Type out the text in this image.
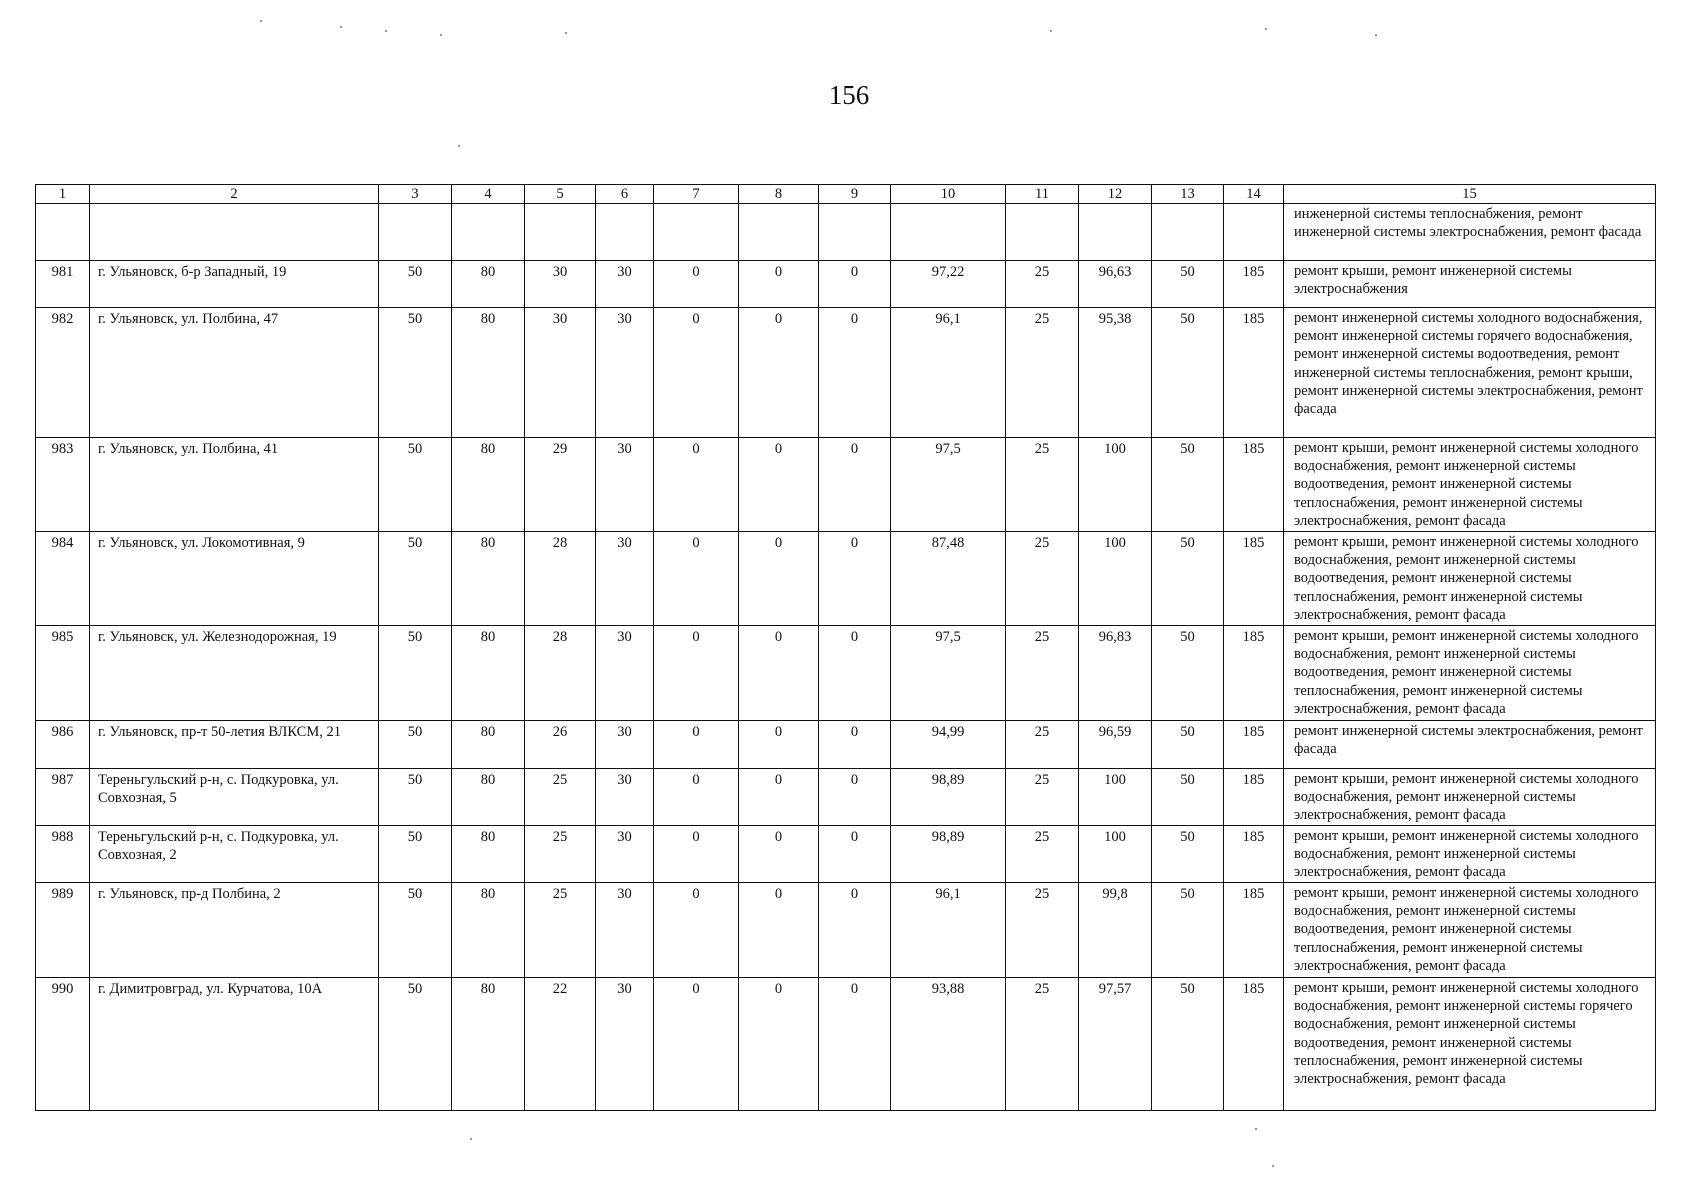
156
1	2	3	4	5	6	7	8	9	10	11	12	13	14	15
														инженерной системы теплоснабжения, ремонт инженерной системы электроснабжения, ремонт фасада
981	г. Ульяновск, б-р Западный, 19	50	80	30	30	0	0	0	97,22	25	96,63	50	185	ремонт крыши, ремонт инженерной системы электроснабжения
982	г. Ульяновск, ул. Полбина, 47	50	80	30	30	0	0	0	96,1	25	95,38	50	185	ремонт инженерной системы холодного водоснабжения, ремонт инженерной системы горячего водоснабжения, ремонт инженерной системы водоотведения, ремонт инженерной системы теплоснабжения, ремонт крыши, ремонт инженерной системы электроснабжения, ремонт фасада
983	г. Ульяновск, ул. Полбина, 41	50	80	29	30	0	0	0	97,5	25	100	50	185	ремонт крыши, ремонт инженерной системы холодного водоснабжения, ремонт инженерной системы водоотведения, ремонт инженерной системы теплоснабжения, ремонт инженерной системы электроснабжения, ремонт фасада
984	г. Ульяновск, ул. Локомотивная, 9	50	80	28	30	0	0	0	87,48	25	100	50	185	ремонт крыши, ремонт инженерной системы холодного водоснабжения, ремонт инженерной системы водоотведения, ремонт инженерной системы теплоснабжения, ремонт инженерной системы электроснабжения, ремонт фасада
985	г. Ульяновск, ул. Железнодорожная, 19	50	80	28	30	0	0	0	97,5	25	96,83	50	185	ремонт крыши, ремонт инженерной системы холодного водоснабжения, ремонт инженерной системы водоотведения, ремонт инженерной системы теплоснабжения, ремонт инженерной системы электроснабжения, ремонт фасада
986	г. Ульяновск, пр-т 50-летия ВЛКСМ, 21	50	80	26	30	0	0	0	94,99	25	96,59	50	185	ремонт инженерной системы электроснабжения, ремонт фасада
987	Тереньгульский р-н, с. Подкуровка, ул. Совхозная, 5	50	80	25	30	0	0	0	98,89	25	100	50	185	ремонт крыши, ремонт инженерной системы холодного водоснабжения, ремонт инженерной системы электроснабжения, ремонт фасада
988	Тереньгульский р-н, с. Подкуровка, ул. Совхозная, 2	50	80	25	30	0	0	0	98,89	25	100	50	185	ремонт крыши, ремонт инженерной системы холодного водоснабжения, ремонт инженерной системы электроснабжения, ремонт фасада
989	г. Ульяновск, пр-д Полбина, 2	50	80	25	30	0	0	0	96,1	25	99,8	50	185	ремонт крыши, ремонт инженерной системы холодного водоснабжения, ремонт инженерной системы водоотведения, ремонт инженерной системы теплоснабжения, ремонт инженерной системы электроснабжения, ремонт фасада
990	г. Димитровград, ул. Курчатова, 10А	50	80	22	30	0	0	0	93,88	25	97,57	50	185	ремонт крыши, ремонт инженерной системы холодного водоснабжения, ремонт инженерной системы горячего водоснабжения, ремонт инженерной системы водоотведения, ремонт инженерной системы теплоснабжения, ремонт инженерной системы электроснабжения, ремонт фасада
